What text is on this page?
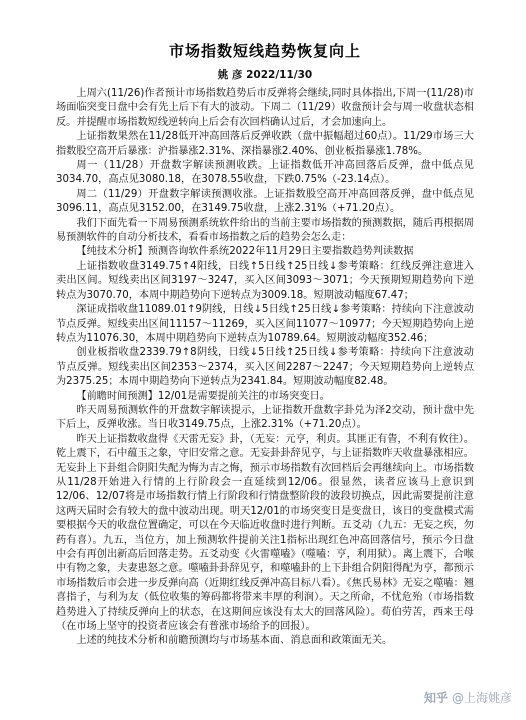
市场指数短线趋势恢复向上
姚 彦 2022/11/30

上周六(11/26)作者预计市场指数趋势后市反弹将会继续,同时具体指出,下周一(11/28)市场面临突变日盘中会有先上后下有大的波动。下周二（11/29）收盘预计会与周一收盘状态相反。并提醒市场指数短线逆转向上后会有次回档确认过后，才会加速向上。

上证指数果然在11/28低开冲高回落后反弹收跌（盘中振幅超过60点）。11/29市场三大指数股空高开后暴涨：沪指暴涨2.31%、深指暴涨2.40%、创业板指暴涨1.78%。

周一（11/28）开盘数字解读预测收跌。上证指数低开冲高回落后反弹，盘中低点见3034.70，高点见3080.18，在3078.55收盘，下跌0.75%（-23.14点）。

周二（11/29）开盘数字解读预测收涨。上证指数股空高开冲高回落反弹，盘中低点见3096.11，高点见3152.00，在3149.75收盘，上涨2.31%（+71.20点）。

我们下面先看一下周易预测系统软件给出的当前主要市场指数的预测数据，随后再根据周易预测软件的自动分析技术，看看市场指数之后的趋势会怎么走：

【纯技术分析】预测咨询软件系统2022年11月29日主要指数趋势判读数据

上证指数收盘3149.75↑4阳线，日线↑5日线↑25日线↓参考策略：红线反弹注意进入卖出区间。短线卖出区间3197～3247，买入区间3093～3071；今天预期短期趋势向下逆转点为3070.70，本周中期趋势向下逆转点为3009.18。短期波动幅度67.47；

深证成指收盘11089.01↑9阴线，日线↓5日线↑25日线↓参考策略：持续向下注意波动节点反弹。短线卖出区间11157～11269，买入区间11077～10977；今天短期趋势向上逆转点为11076.30，本周中期趋势向下逆转点为10789.64。短期波动幅度352.46；

创业板指收盘2339.79↑8阴线，日线↓5日线↑25日线↓参考策略：持续向下注意波动节点反弹。短线卖出区间2353～2374，买入区间2287～2247；今天短期趋势向上逆转点为2375.25；本周中期趋势向下逆转点为2341.84。短期波动幅度82.48。

【前瞻时间预测】12/01是需要提前关注的市场突变日。

昨天周易预测软件的开盘数字解读提示，上证指数开盘数字卦兑为泽2交动，预计盘中先下后上，反弹收涨。当日收3149.75点，上涨2.31%（+71.20点）。

昨天上证指数收盘得《天雷无妄》卦，（无妄：元亨，利贞。其匪正有眚，不利有攸往）。乾上震下，石中蕴玉之象，守旧安常之意。无妄卦卦辞见亨，与上证指数昨天收盘暴涨相应。无妄卦上下卦组合阴阳失配为悔为吉之悔，预示市场指数有次回档后会再继续向上。市场指数从11/28开始进入行情的上行阶段会一直延续到12/06。很显然，读者应该马上意识到12/06、12/07将是市场指数行情上行阶段和行情盘整阶段的波段切换点，因此需要提前注意这两天届时会有较大的盘中波动出现。明天12/01的市场突变日是变盘日，该日的变盘模式需要根据今天的收盘位置确定，可以在今天临近收盘时进行判断。五爻动（九五：无妄之疾，勿药有喜）。九五，当位方，加上预测软件提前关注1指标出现红色冲高回落信号，预示今日盘中会有再创出新高后回落走势。五爻动变《火雷噬嗑》（噬嗑：亨，利用狱）。离上震下，合喉中有物之象，夫妻患怒之意。噬嗑卦卦辞见亨，和噬嗑卦的上下卦组合阴阳得配为亨，都预示市场指数后市会进一步反弹向高（近期红线反弹冲高目标八看）。《焦氏易林》无妄之噬嗑：翘喜指子，与利为友（低位收集的筹码都将带来丰厚的利润）。天之所命，不忧危殆（市场指数趋势进入了持续反弹向上的状态，在这期间应该没有太大的回落风险）。荀伯劳苦，西来王母（在市场上坚守的投资者应该会有普涨市场给予的回报）。

上述的纯技术分析和前瞻预测均与市场基本面、消息面和政策面无关。

知乎 @上海姚彦
